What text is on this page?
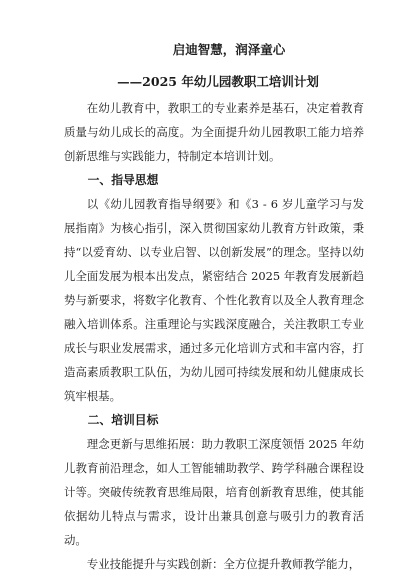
启迪智慧，润泽童心
——2025 年幼儿园教职工培训计划

在幼儿教育中，教职工的专业素养是基石，决定着教育质量与幼儿成长的高度。为全面提升幼儿园教职工能力培养创新思维与实践能力，特制定本培训计划。

一、指导思想

以《幼儿园教育指导纲要》和《3 - 6 岁儿童学习与发展指南》为核心指引，深入贯彻国家幼儿教育方针政策，秉持“以爱育幼、以专业启智、以创新发展”的理念。坚持以幼儿全面发展为根本出发点，紧密结合 2025 年教育发展新趋势与新要求，将数字化教育、个性化教育以及全人教育理念融入培训体系。注重理论与实践深度融合，关注教职工专业成长与职业发展需求，通过多元化培训方式和丰富内容，打造高素质教职工队伍，为幼儿园可持续发展和幼儿健康成长筑牢根基。

二、培训目标

理念更新与思维拓展：助力教职工深度领悟 2025 年幼儿教育前沿理念，如人工智能辅助教学、跨学科融合课程设计等。突破传统教育思维局限，培育创新教育思维，使其能依据幼儿特点与需求，设计出兼具创意与吸引力的教育活动。

专业技能提升与实践创新：全方位提升教师教学能力，
